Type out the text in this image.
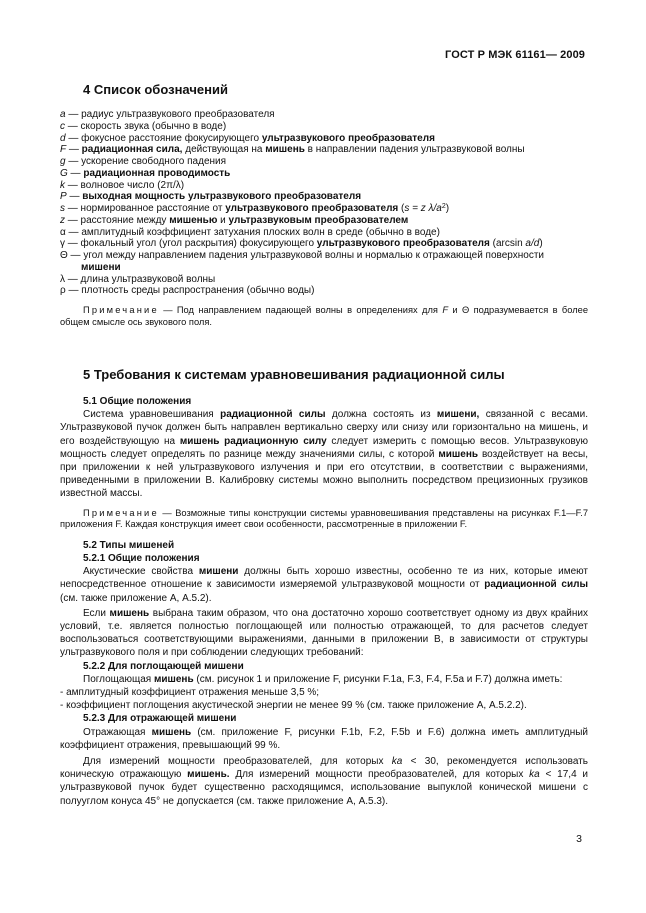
ГОСТ Р МЭК 61161— 2009
4 Список обозначений
a — радиус ультразвукового преобразователя
c — скорость звука (обычно в воде)
d — фокусное расстояние фокусирующего ультразвукового преобразователя
F — радиационная сила, действующая на мишень в направлении падения ультразвуковой волны
g — ускорение свободного падения
G — радиационная проводимость
k — волновое число (2π/λ)
P — выходная мощность ультразвукового преобразователя
s — нормированное расстояние от ультразвукового преобразователя (s = z $\lambda/a^2$)
z — расстояние между мишенью и ультразвуковым преобразователем
α — амплитудный коэффициент затухания плоских волн в среде (обычно в воде)
γ — фокальный угол (угол раскрытия) фокусирующего ультразвукового преобразователя (arcsin a/d)
Θ — угол между направлением падения ультразвуковой волны и нормалью к отражающей поверхности
мишени
λ — длина ультразвуковой волны
ρ — плотность среды распространения (обычно воды)
Примечание — Под направлением падающей волны в определениях для F и Θ подразумевается в более общем смысле ось звукового поля.
5 Требования к системам уравновешивания радиационной силы
5.1 Общие положения
Система уравновешивания радиационной силы должна состоять из мишени, связанной с весами. Ультразвуковой пучок должен быть направлен вертикально сверху или снизу или горизонтально на мишень, и его воздействующую на мишень радиационную силу следует измерить с помощью весов. Ультразвуковую мощность следует определять по разнице между значениями силы, с которой мишень воздействует на весы, при приложении к ней ультразвукового излучения и при его отсутствии, в соответствии с выражениями, приведенными в приложении В. Калибровку системы можно выполнить посредством прецизионных грузиков известной массы.
Примечание — Возможные типы конструкции системы уравновешивания представлены на рисунках F.1—F.7 приложения F. Каждая конструкция имеет свои особенности, рассмотренные в приложении F.
5.2 Типы мишеней
5.2.1 Общие положения
Акустические свойства мишени должны быть хорошо известны, особенно те из них, которые имеют непосредственное отношение к зависимости измеряемой ультразвуковой мощности от радиационной силы (см. также приложение А, А.5.2).
Если мишень выбрана таким образом, что она достаточно хорошо соответствует одному из двух крайних условий, т.е. является полностью поглощающей или полностью отражающей, то для расчетов следует воспользоваться соответствующими выражениями, данными в приложении В, в зависимости от структуры ультразвукового поля и при соблюдении следующих требований:
5.2.2 Для поглощающей мишени
Поглощающая мишень (см. рисунок 1 и приложение F, рисунки F.1a, F.3, F.4, F.5a и F.7) должна иметь:
- амплитудный коэффициент отражения меньше 3,5 %;
- коэффициент поглощения акустической энергии не менее 99 % (см. также приложение А, А.5.2.2).
5.2.3 Для отражающей мишени
Отражающая мишень (см. приложение F, рисунки F.1b, F.2, F.5b и F.6) должна иметь амплитудный коэффициент отражения, превышающий 99 %.
Для измерений мощности преобразователей, для которых ka < 30, рекомендуется использовать коническую отражающую мишень. Для измерений мощности преобразователей, для которых ka < 17,4 и ультразвуковой пучок будет существенно расходящимся, использование выпуклой конической мишени с полууглом конуса 45° не допускается (см. также приложение А, А.5.3).
3
